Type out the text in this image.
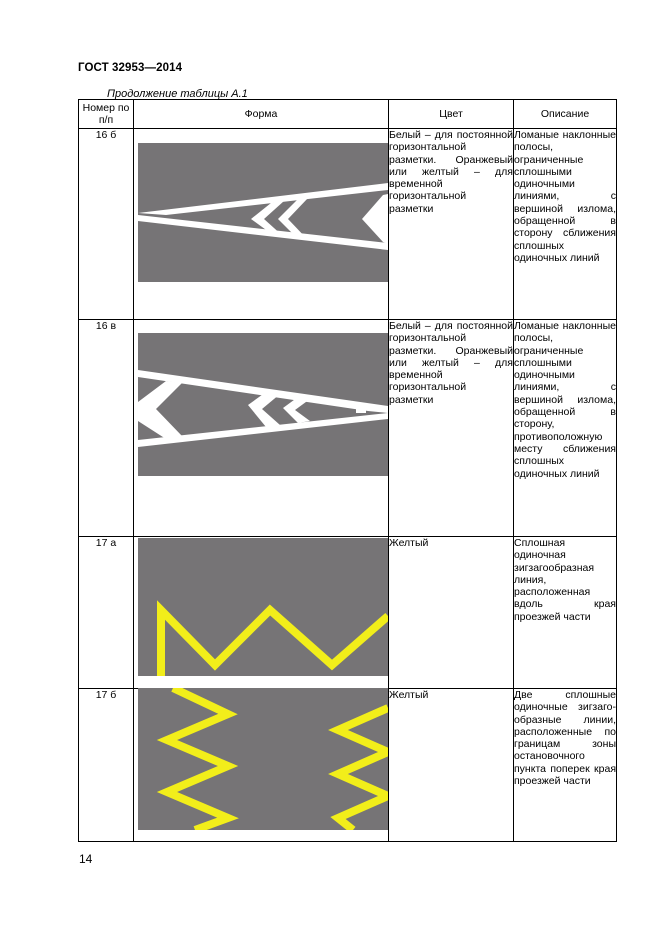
ГОСТ 32953—2014
Продолжение таблицы А.1
Номер по п/п	Форма	Цвет	Описание
16 б		Белый – для постоянной горизонтальной разметки. Оранжевый или желтый – для временной горизонтальной разметки	Ломаные наклонные полосы, ограниченные сплошными одиночными линиями, с вершиной излома, обращенной в сторону сближения сплошных одиночных линий

16 в		Белый – для постоянной горизонтальной разметки. Оранжевый или желтый – для временной горизонтальной разметки	Ломаные наклонные полосы, ограниченные сплошными одиночными линиями, с вершиной излома, обращенной в сторону, противоположную месту сближения сплошных одиночных линий

17 а		Желтый	Сплошная одиночная зигзагообразная линия, расположенная вдоль края проезжей части

17 б		Желтый	Две сплошные одиночные зигзаго-образные линии, расположенные по границам зоны остановочного пункта поперек края проезжей части
14
